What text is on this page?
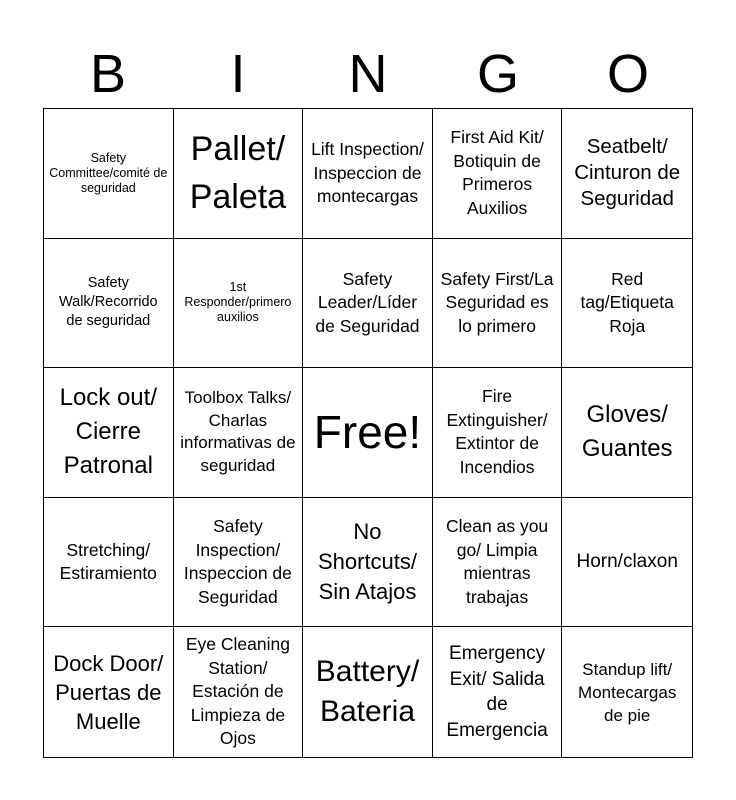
B	I	N	G	O
Safety Committee/comité de seguridad
Pallet/ Paleta
Lift Inspection/ Inspeccion de montecargas
First Aid Kit/ Botiquin de Primeros Auxilios
Seatbelt/ Cinturon de Seguridad
Safety Walk/Recorrido de seguridad
1st Responder/primero auxilios
Safety Leader/Líder de Seguridad
Safety First/La Seguridad es lo primero
Red tag/Etiqueta Roja
Lock out/ Cierre Patronal
Toolbox Talks/ Charlas informativas de seguridad
Free!
Fire Extinguisher/ Extintor de Incendios
Gloves/ Guantes
Stretching/ Estiramiento
Safety Inspection/ Inspeccion de Seguridad
No Shortcuts/ Sin Atajos
Clean as you go/ Limpia mientras trabajas
Horn/claxon
Dock Door/ Puertas de Muelle
Eye Cleaning Station/ Estación de Limpieza de Ojos
Battery/ Bateria
Emergency Exit/ Salida de Emergencia
Standup lift/ Montecargas de pie
